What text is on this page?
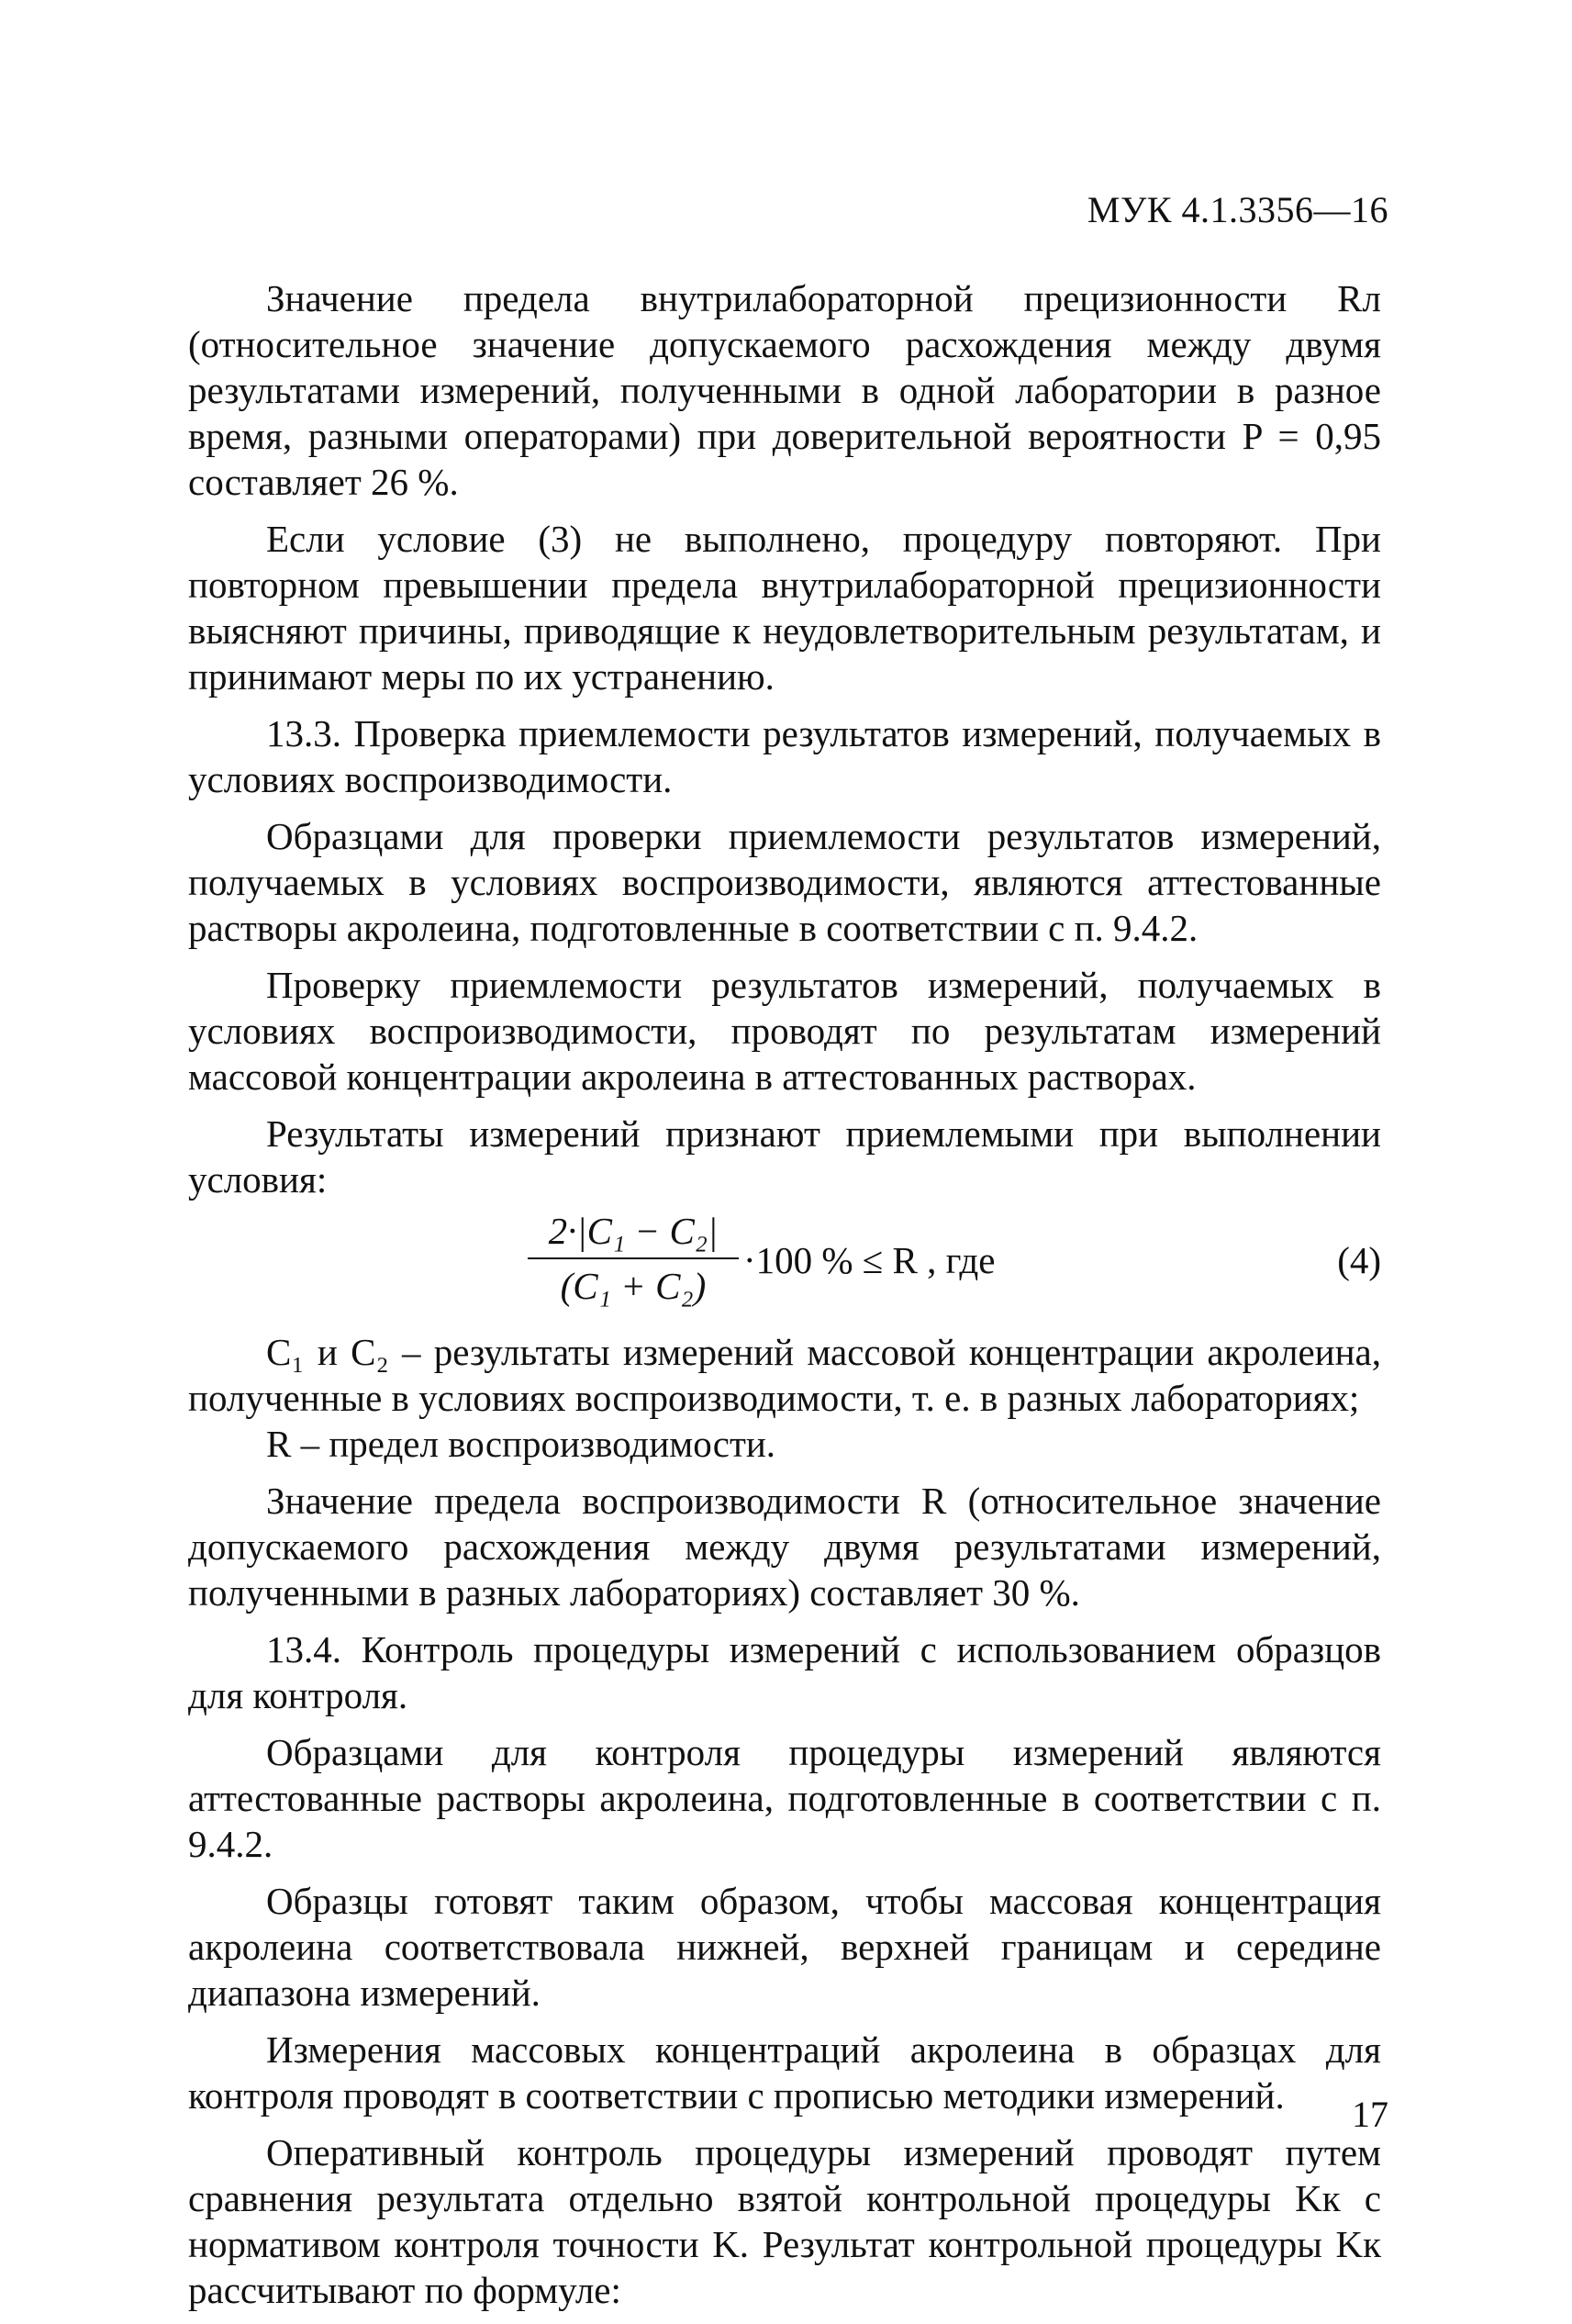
МУК 4.1.3356—16

Значение предела внутрилабораторной прецизионности Rл (относительное значение допускаемого расхождения между двумя результатами измерений, полученными в одной лаборатории в разное время, разными операторами) при доверительной вероятности P = 0,95 составляет 26 %.

Если условие (3) не выполнено, процедуру повторяют. При повторном превышении предела внутрилабораторной прецизионности выясняют причины, приводящие к неудовлетворительным результатам, и принимают меры по их устранению.

13.3. Проверка приемлемости результатов измерений, получаемых в условиях воспроизводимости.

Образцами для проверки приемлемости результатов измерений, получаемых в условиях воспроизводимости, являются аттестованные растворы акролеина, подготовленные в соответствии с п. 9.4.2.

Проверку приемлемости результатов измерений, получаемых в условиях воспроизводимости, проводят по результатам измерений массовой концентрации акролеина в аттестованных растворах.

Результаты измерений признают приемлемыми при выполнении условия:

$\frac{\text{2·|C₁ − C₂|}}{\text{(C₁ + C₂)}} \cdot 100$ % ≤ R , где	(4)

C₁ и C₂ – результаты измерений массовой концентрации акролеина, полученные в условиях воспроизводимости, т. е. в разных лабораториях;

R – предел воспроизводимости.

Значение предела воспроизводимости R (относительное значение допускаемого расхождения между двумя результатами измерений, полученными в разных лабораториях) составляет 30 %.

13.4. Контроль процедуры измерений с использованием образцов для контроля.

Образцами для контроля процедуры измерений являются аттестованные растворы акролеина, подготовленные в соответствии с п. 9.4.2.

Образцы готовят таким образом, чтобы массовая концентрация акролеина соответствовала нижней, верхней границам и середине диапазона измерений.

Измерения массовых концентраций акролеина в образцах для контроля проводят в соответствии с прописью методики измерений.

Оперативный контроль процедуры измерений проводят путем сравнения результата отдельно взятой контрольной процедуры Kк с нормативом контроля точности K. Результат контрольной процедуры Kк рассчитывают по формуле:

17
